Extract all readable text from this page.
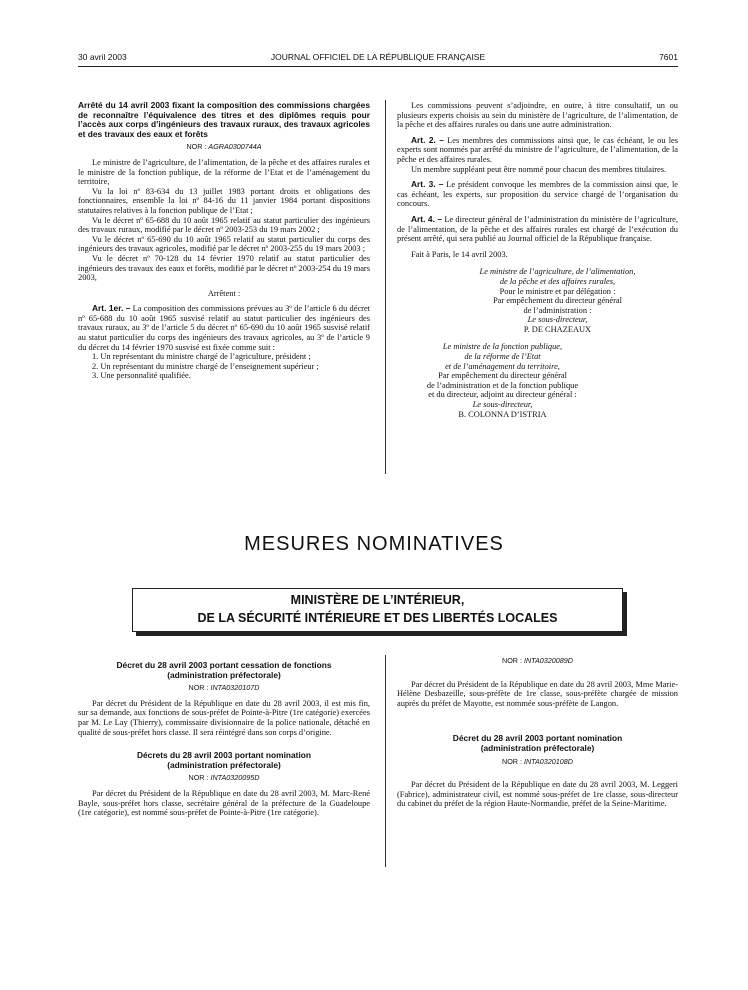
30 avril 2003	JOURNAL OFFICIEL DE LA RÉPUBLIQUE FRANÇAISE	7601

Arrêté du 14 avril 2003 fixant la composition des commissions chargées de reconnaître l’équivalence des titres et des diplômes requis pour l’accès aux corps d’ingénieurs des travaux ruraux, des travaux agricoles et des travaux des eaux et forêts

NOR : AGRA0300744A

Le ministre de l’agriculture, de l’alimentation, de la pêche et des affaires rurales et le ministre de la fonction publique, de la réforme de l’Etat et de l’aménagement du territoire,

Vu la loi nº 83-634 du 13 juillet 1983 portant droits et obligations des fonctionnaires, ensemble la loi nº 84-16 du 11 janvier 1984 portant dispositions statutaires relatives à la fonction publique de l’Etat ;

Vu le décret nº 65-688 du 10 août 1965 relatif au statut particulier des ingénieurs des travaux ruraux, modifié par le décret nº 2003-253 du 19 mars 2002 ;

Vu le décret nº 65-690 du 10 août 1965 relatif au statut particulier du corps des ingénieurs des travaux agricoles, modifié par le décret nº 2003-255 du 19 mars 2003 ;

Vu le décret nº 70-128 du 14 février 1970 relatif au statut particulier des ingénieurs des travaux des eaux et forêts, modifié par le décret nº 2003-254 du 19 mars 2003,

Arrêtent :

Art. 1er. – La composition des commissions prévues au 3º de l’article 6 du décret nº 65-688 du 10 août 1965 susvisé relatif au statut particulier des ingénieurs des travaux ruraux, au 3º de l’article 5 du décret nº 65-690 du 10 août 1965 susvisé relatif au statut particulier du corps des ingénieurs des travaux agricoles, au 3º de l’article 9 du décret du 14 février 1970 susvisé est fixée comme suit :

1. Un représentant du ministre chargé de l’agriculture, président ;

2. Un représentant du ministre chargé de l’enseignement supérieur ;

3. Une personnalité qualifiée.

Les commissions peuvent s’adjoindre, en outre, à titre consultatif, un ou plusieurs experts choisis au sein du ministère de l’agriculture, de l’alimentation, de la pêche et des affaires rurales ou dans une autre administration.

Art. 2. – Les membres des commissions ainsi que, le cas échéant, le ou les experts sont nommés par arrêté du ministre de l’agriculture, de l’alimentation, de la pêche et des affaires rurales.

Un membre suppléant peut être nommé pour chacun des membres titulaires.

Art. 3. – Le président convoque les membres de la commission ainsi que, le cas échéant, les experts, sur proposition du service chargé de l’organisation du concours.

Art. 4. – Le directeur général de l’administration du ministère de l’agriculture, de l’alimentation, de la pêche et des affaires rurales est chargé de l’exécution du présent arrêté, qui sera publié au Journal officiel de la République française.

Fait à Paris, le 14 avril 2003.

Le ministre de l’agriculture, de l’alimentation,

de la pêche et des affaires rurales,

Pour le ministre et par délégation :

Par empêchement du directeur général

de l’administration :

Le sous-directeur,

P. DE CHAZEAUX

Le ministre de la fonction publique,

de la réforme de l’Etat

et de l’aménagement du territoire,

Par empêchement du directeur général

de l’administration et de la fonction publique

et du directeur, adjoint au directeur général :

Le sous-directeur,

B. COLONNA D’ISTRIA

MESURES NOMINATIVES
MINISTÈRE DE L’INTÉRIEUR,
DE LA SÉCURITÉ INTÉRIEURE ET DES LIBERTÉS LOCALES

Décret du 28 avril 2003 portant cessation de fonctions (administration préfectorale)

NOR : INTA0320107D

Par décret du Président de la République en date du 28 avril 2003, il est mis fin, sur sa demande, aux fonctions de sous-préfet de Pointe-à-Pitre (1re catégorie) exercées par M. Le Lay (Thierry), commissaire divisionnaire de la police nationale, détaché en qualité de sous-préfet hors classe. Il sera réintégré dans son corps d’origine.

Décrets du 28 avril 2003 portant nomination (administration préfectorale)

NOR : INTA0320095D

Par décret du Président de la République en date du 28 avril 2003, M. Marc-René Bayle, sous-préfet hors classe, secrétaire général de la préfecture de la Guadeloupe (1re catégorie), est nommé sous-préfet de Pointe-à-Pitre (1re catégorie).

NOR : INTA0320089D

Par décret du Président de la République en date du 28 avril 2003, Mme Marie-Hélène Desbazeille, sous-préfète de 1re classe, sous-préfète chargée de mission auprès du préfet de Mayotte, est nommée sous-préfète de Langon.

Décret du 28 avril 2003 portant nomination (administration préfectorale)

NOR : INTA0320108D

Par décret du Président de la République en date du 28 avril 2003, M. Leggeri (Fabrice), administrateur civil, est nommé sous-préfet de 1re classe, sous-directeur du cabinet du préfet de la région Haute-Normandie, préfet de la Seine-Maritime.
